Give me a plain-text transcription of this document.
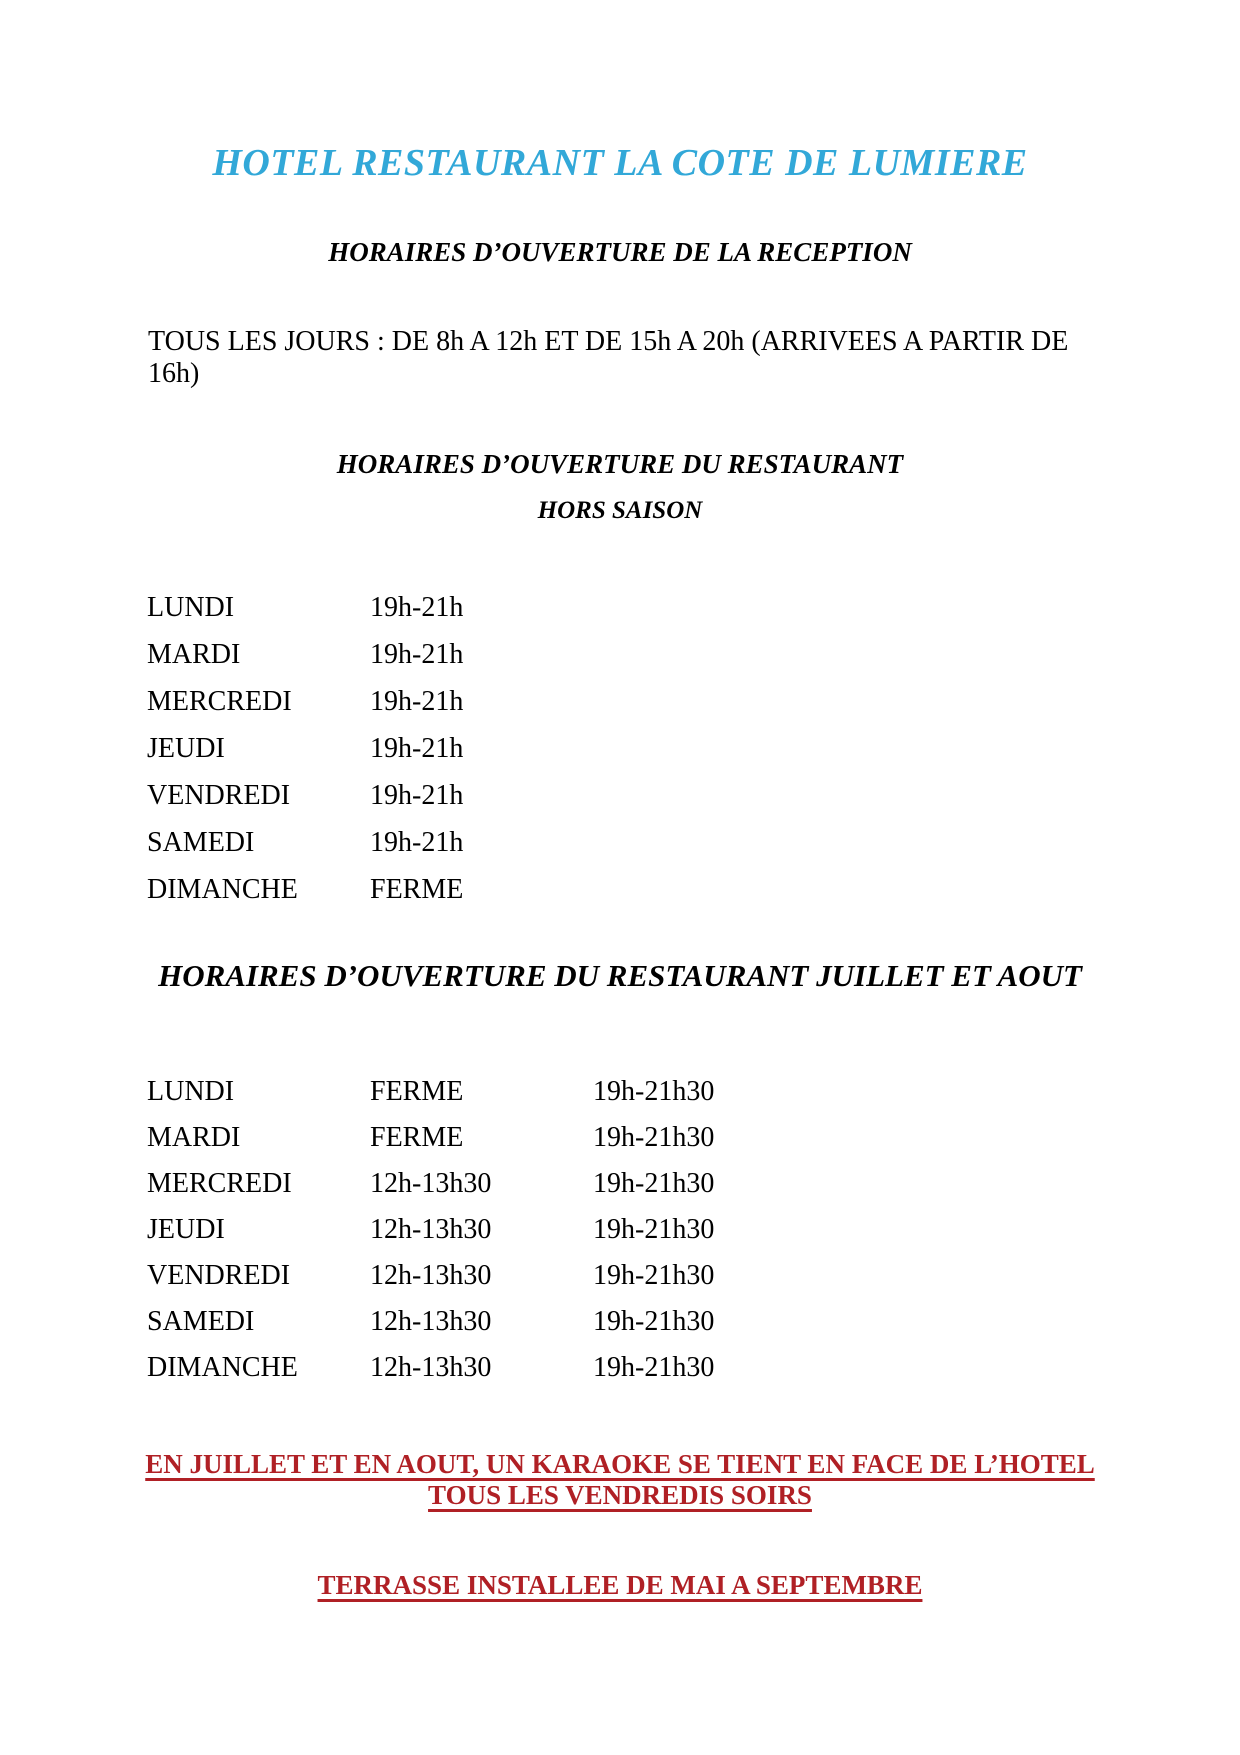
HOTEL RESTAURANT LA COTE DE LUMIERE
HORAIRES D’OUVERTURE DE LA RECEPTION
TOUS LES JOURS : DE 8h A 12h ET DE 15h A 20h (ARRIVEES A PARTIR DE 16h)
HORAIRES D’OUVERTURE DU RESTAURANT
HORS SAISON
LUNDI	19h-21h
MARDI	19h-21h
MERCREDI	19h-21h
JEUDI	19h-21h
VENDREDI	19h-21h
SAMEDI	19h-21h
DIMANCHE	FERME
HORAIRES D’OUVERTURE DU RESTAURANT JUILLET ET AOUT
LUNDI	FERME	19h-21h30
MARDI	FERME	19h-21h30
MERCREDI	12h-13h30	19h-21h30
JEUDI	12h-13h30	19h-21h30
VENDREDI	12h-13h30	19h-21h30
SAMEDI	12h-13h30	19h-21h30
DIMANCHE	12h-13h30	19h-21h30
EN JUILLET ET EN AOUT, UN KARAOKE SE TIENT EN FACE DE L’HOTEL
TOUS LES VENDREDIS SOIRS
TERRASSE INSTALLEE DE MAI A SEPTEMBRE
